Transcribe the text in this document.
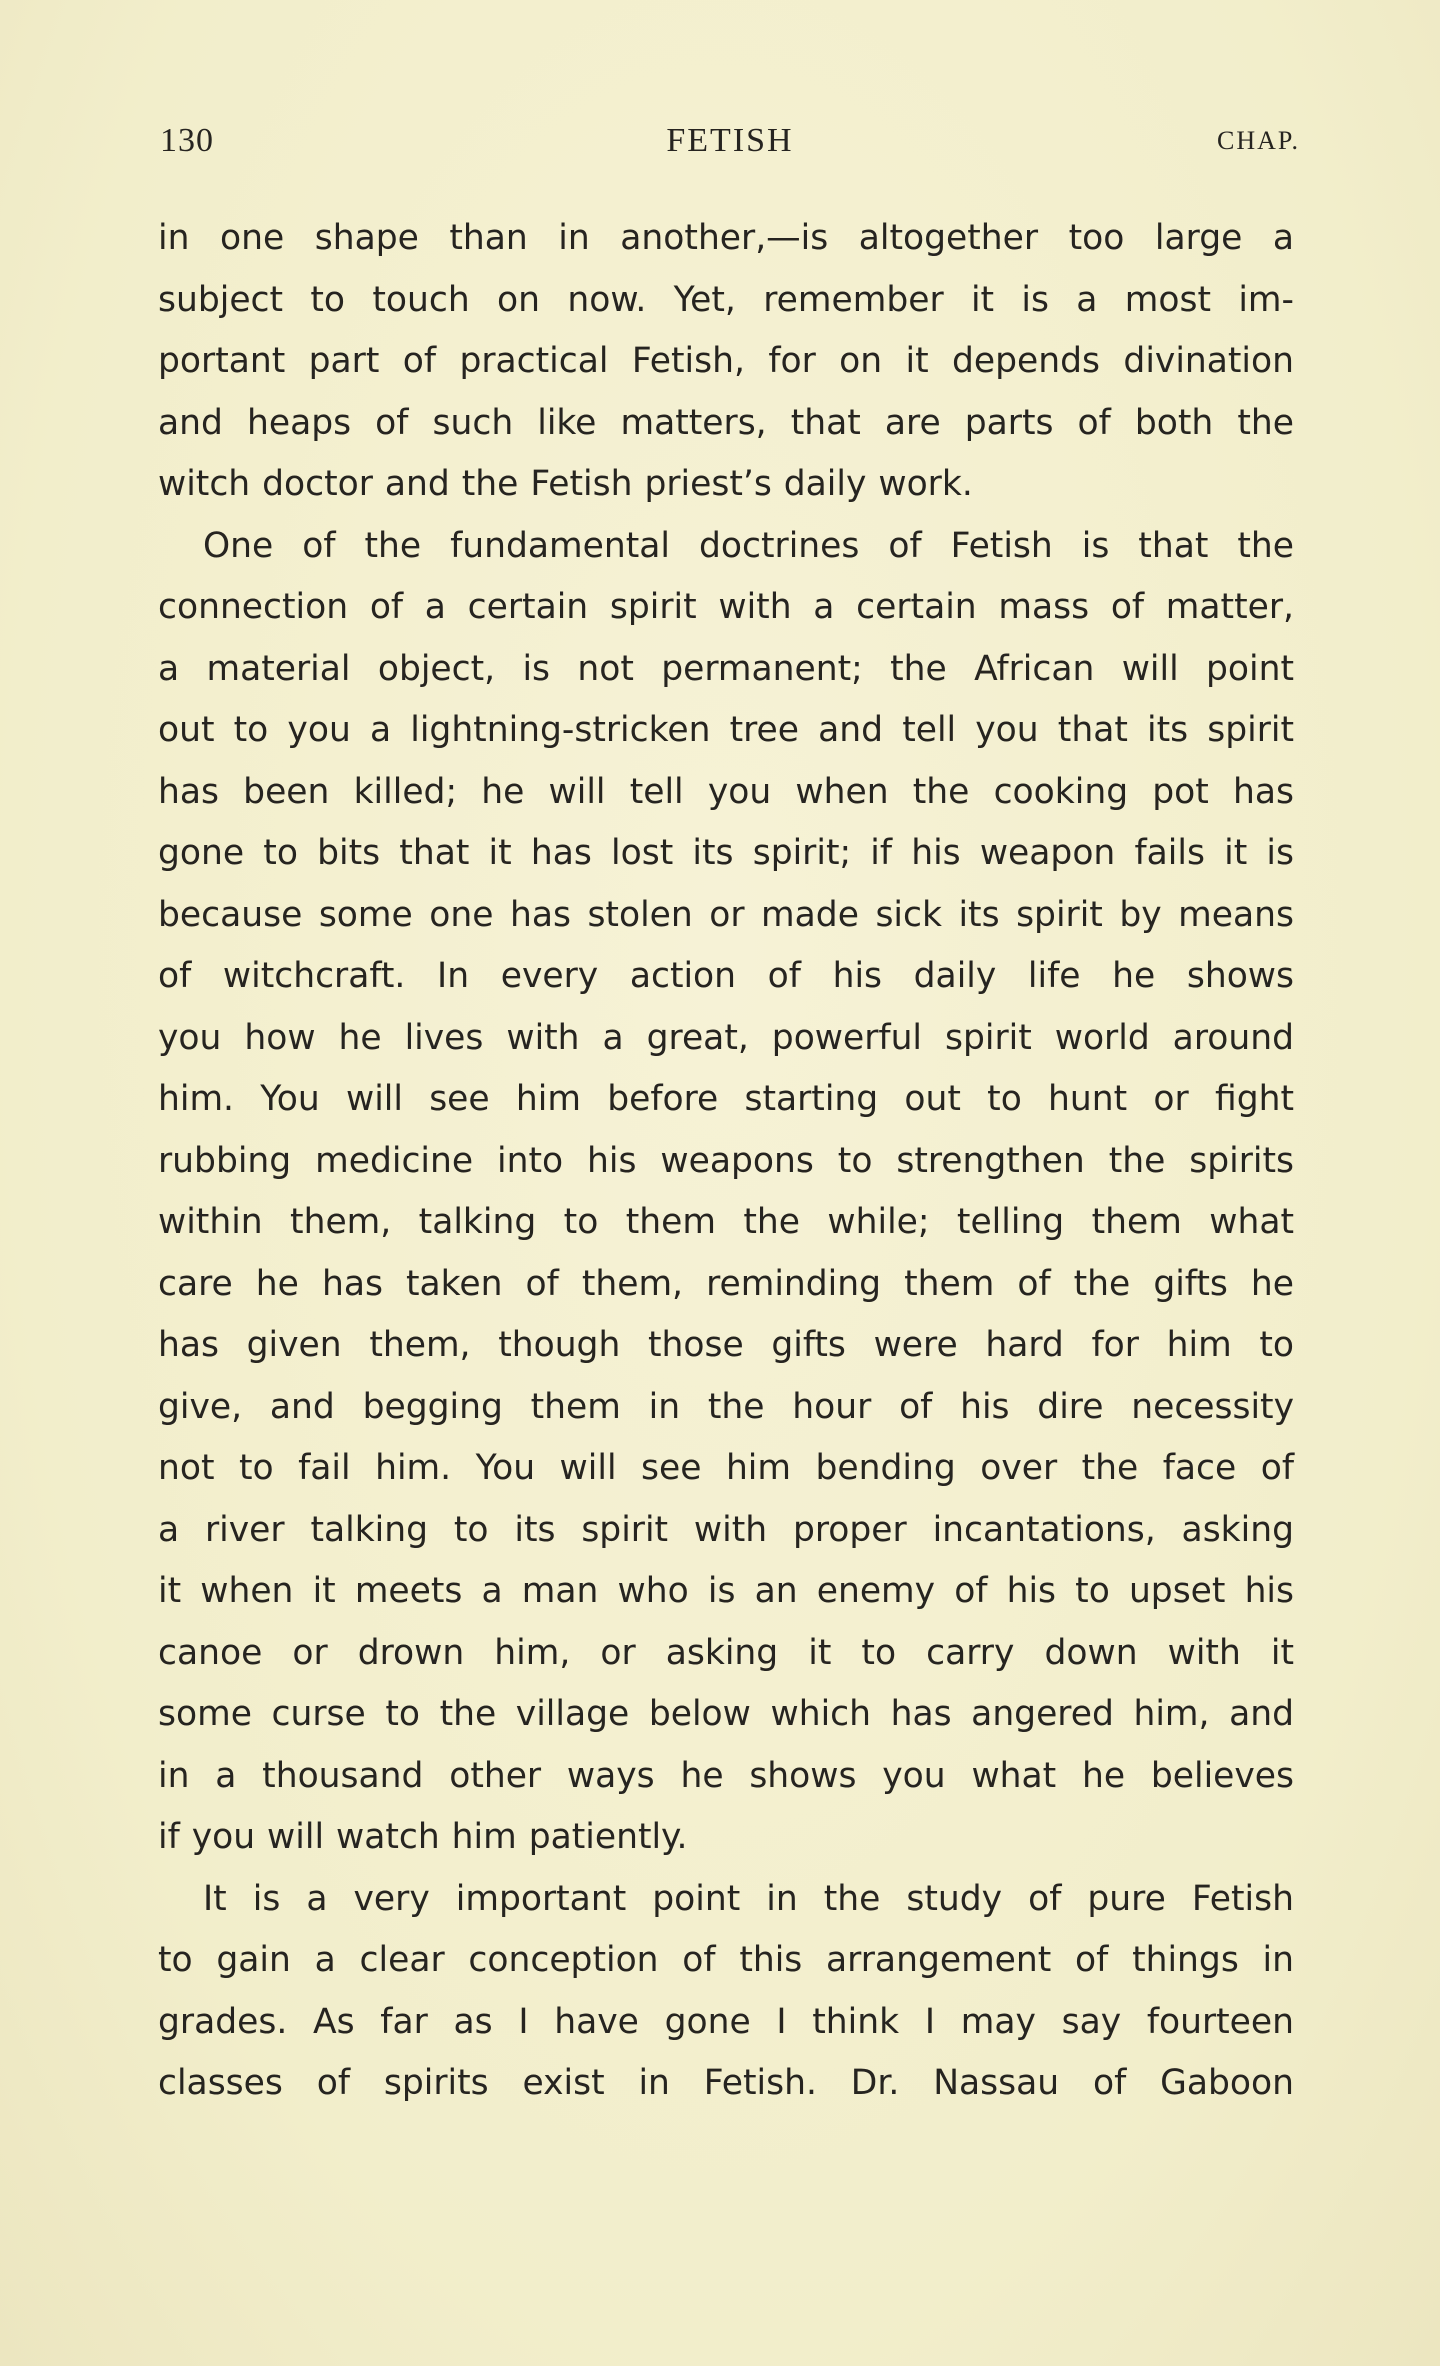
130	FETISH	CHAP.
in one shape than in another,—is altogether too large a
subject to touch on now. Yet, remember it is a most im-
portant part of practical Fetish, for on it depends divination
and heaps of such like matters, that are parts of both the
witch doctor and the Fetish priest’s daily work.
One of the fundamental doctrines of Fetish is that the
connection of a certain spirit with a certain mass of matter,
a material object, is not permanent; the African will point
out to you a lightning-stricken tree and tell you that its spirit
has been killed; he will tell you when the cooking pot has
gone to bits that it has lost its spirit; if his weapon fails it is
because some one has stolen or made sick its spirit by means
of witchcraft. In every action of his daily life he shows
you how he lives with a great, powerful spirit world around
him. You will see him before starting out to hunt or fight
rubbing medicine into his weapons to strengthen the spirits
within them, talking to them the while; telling them what
care he has taken of them, reminding them of the gifts he
has given them, though those gifts were hard for him to
give, and begging them in the hour of his dire necessity
not to fail him. You will see him bending over the face of
a river talking to its spirit with proper incantations, asking
it when it meets a man who is an enemy of his to upset his
canoe or drown him, or asking it to carry down with it
some curse to the village below which has angered him, and
in a thousand other ways he shows you what he believes
if you will watch him patiently.
It is a very important point in the study of pure Fetish
to gain a clear conception of this arrangement of things in
grades. As far as I have gone I think I may say fourteen
classes of spirits exist in Fetish. Dr. Nassau of Gaboon
